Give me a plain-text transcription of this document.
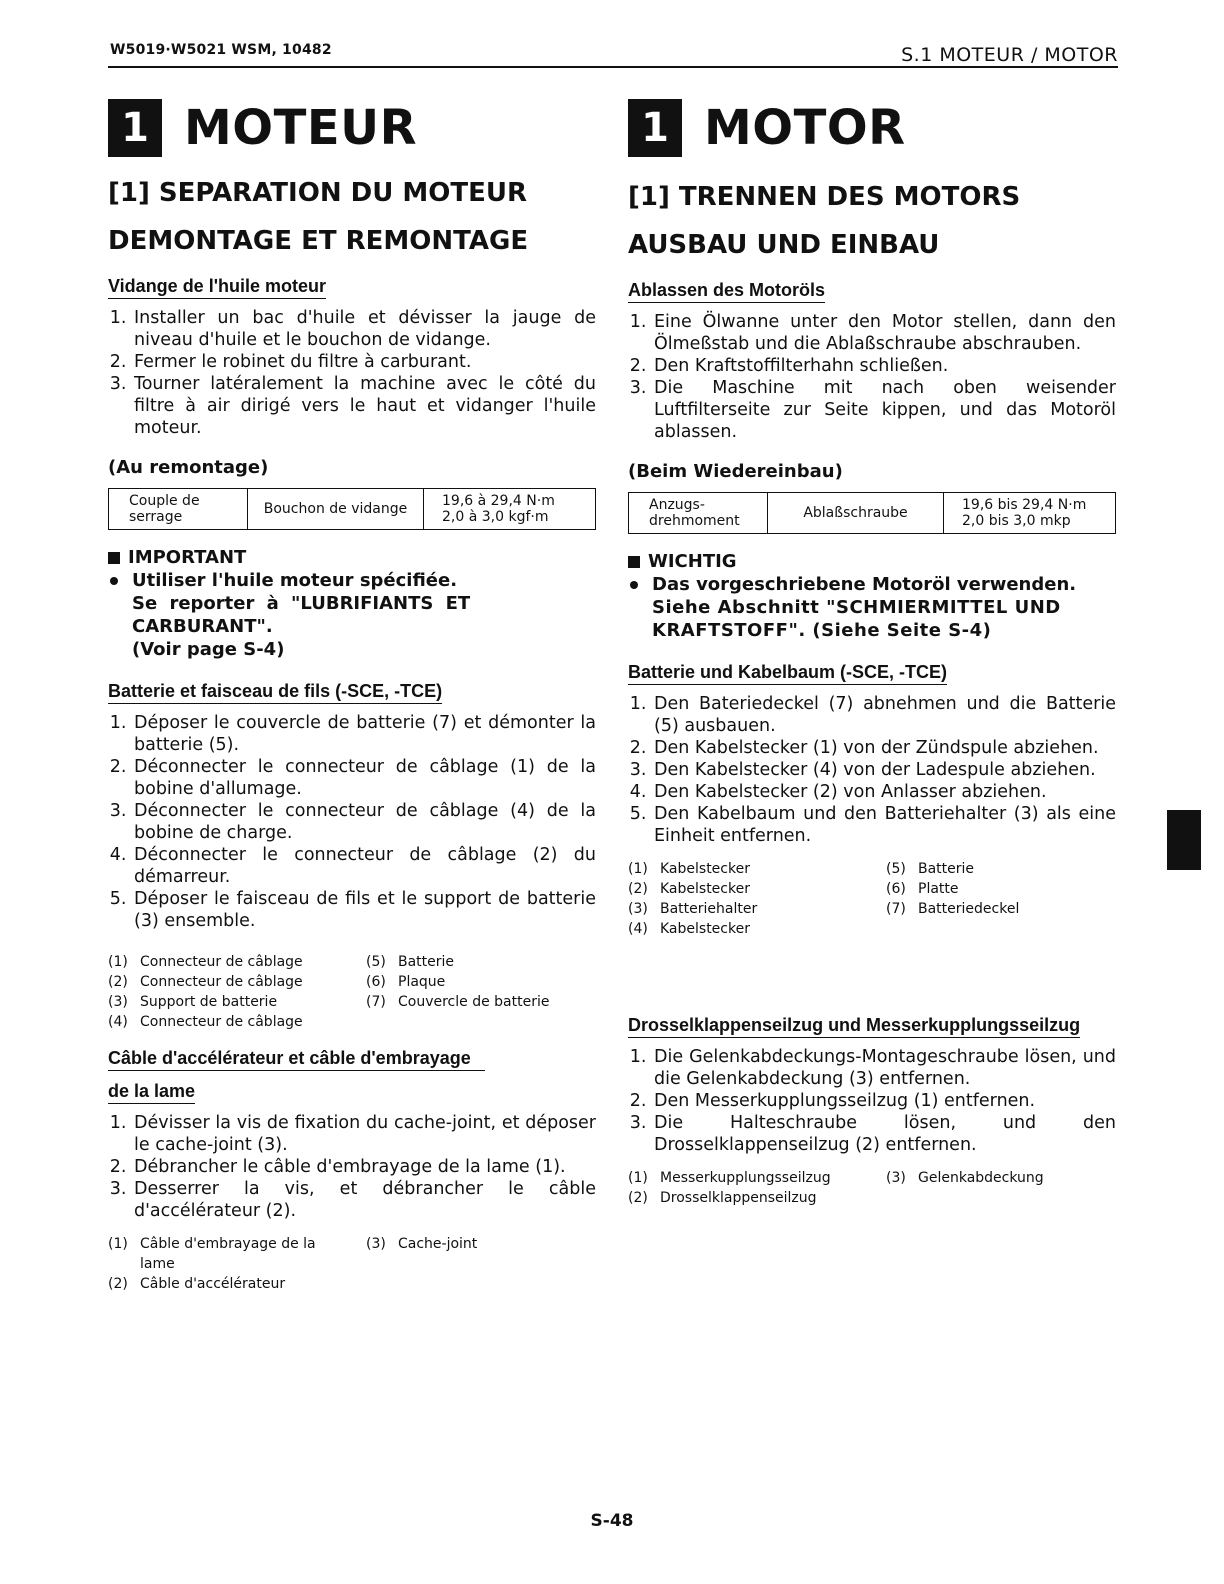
W5019·W5021 WSM, 10482	S.1 MOTEUR / MOTOR
1 MOTEUR
[1] SEPARATION DU MOTEUR
DEMONTAGE ET REMONTAGE
Vidange de l'huile moteur
1. Installer un bac d'huile et dévisser la jauge de niveau d'huile et le bouchon de vidange.
2. Fermer le robinet du filtre à carburant.
3. Tourner latéralement la machine avec le côté du filtre à air dirigé vers le haut et vidanger l'huile moteur.
(Au remontage)
Couple de serrage	Bouchon de vidange	19,6 à 29,4 N·m
2,0 à 3,0 kgf·m
IMPORTANT
Utiliser l'huile moteur spécifiée.
Se reporter à "LUBRIFIANTS ET CARBURANT".
(Voir page S-4)
Batterie et faisceau de fils (-SCE, -TCE)
1. Déposer le couvercle de batterie (7) et démonter la batterie (5).
2. Déconnecter le connecteur de câblage (1) de la bobine d'allumage.
3. Déconnecter le connecteur de câblage (4) de la bobine de charge.
4. Déconnecter le connecteur de câblage (2) du démarreur.
5. Déposer le faisceau de fils et le support de batterie (3) ensemble.
(1) Connecteur de câblage	(5) Batterie
(2) Connecteur de câblage	(6) Plaque
(3) Support de batterie	(7) Couvercle de batterie
(4) Connecteur de câblage
Câble d'accélérateur et câble d'embrayage
de la lame
1. Dévisser la vis de fixation du cache-joint, et déposer le cache-joint (3).
2. Débrancher le câble d'embrayage de la lame (1).
3. Desserrer la vis, et débrancher le câble d'accélérateur (2).
(1) Câble d'embrayage de la lame
(3) Cache-joint
(2) Câble d'accélérateur
1 MOTOR
[1] TRENNEN DES MOTORS
AUSBAU UND EINBAU
Ablassen des Motoröls
1. Eine Ölwanne unter den Motor stellen, dann den Ölmeßstab und die Ablaßschraube abschrauben.
2. Den Kraftstoffilterhahn schließen.
3. Die Maschine mit nach oben weisender Luftfilterseite zur Seite kippen, und das Motoröl ablassen.
(Beim Wiedereinbau)
Anzugs-drehmoment	Ablaßschraube	19,6 bis 29,4 N·m
2,0 bis 3,0 mkp
WICHTIG
Das vorgeschriebene Motoröl verwenden.
Siehe Abschnitt "SCHMIERMITTEL UND KRAFTSTOFF". (Siehe Seite S-4)
Batterie und Kabelbaum (-SCE, -TCE)
1. Den Bateriedeckel (7) abnehmen und die Batterie (5) ausbauen.
2. Den Kabelstecker (1) von der Zündspule abziehen.
3. Den Kabelstecker (4) von der Ladespule abziehen.
4. Den Kabelstecker (2) von Anlasser abziehen.
5. Den Kabelbaum und den Batteriehalter (3) als eine Einheit entfernen.
(1) Kabelstecker	(5) Batterie
(2) Kabelstecker	(6) Platte
(3) Batteriehalter	(7) Batteriedeckel
(4) Kabelstecker
Drosselklappenseilzug und Messerkupplungsseilzug
1. Die Gelenkabdeckungs-Montageschraube lösen, und die Gelenkabdeckung (3) entfernen.
2. Den Messerkupplungsseilzug (1) entfernen.
3. Die Halteschraube lösen, und den Drosselklappenseilzug (2) entfernen.
(1) Messerkupplungsseilzug	(3) Gelenkabdeckung
(2) Drosselklappenseilzug
S-48
